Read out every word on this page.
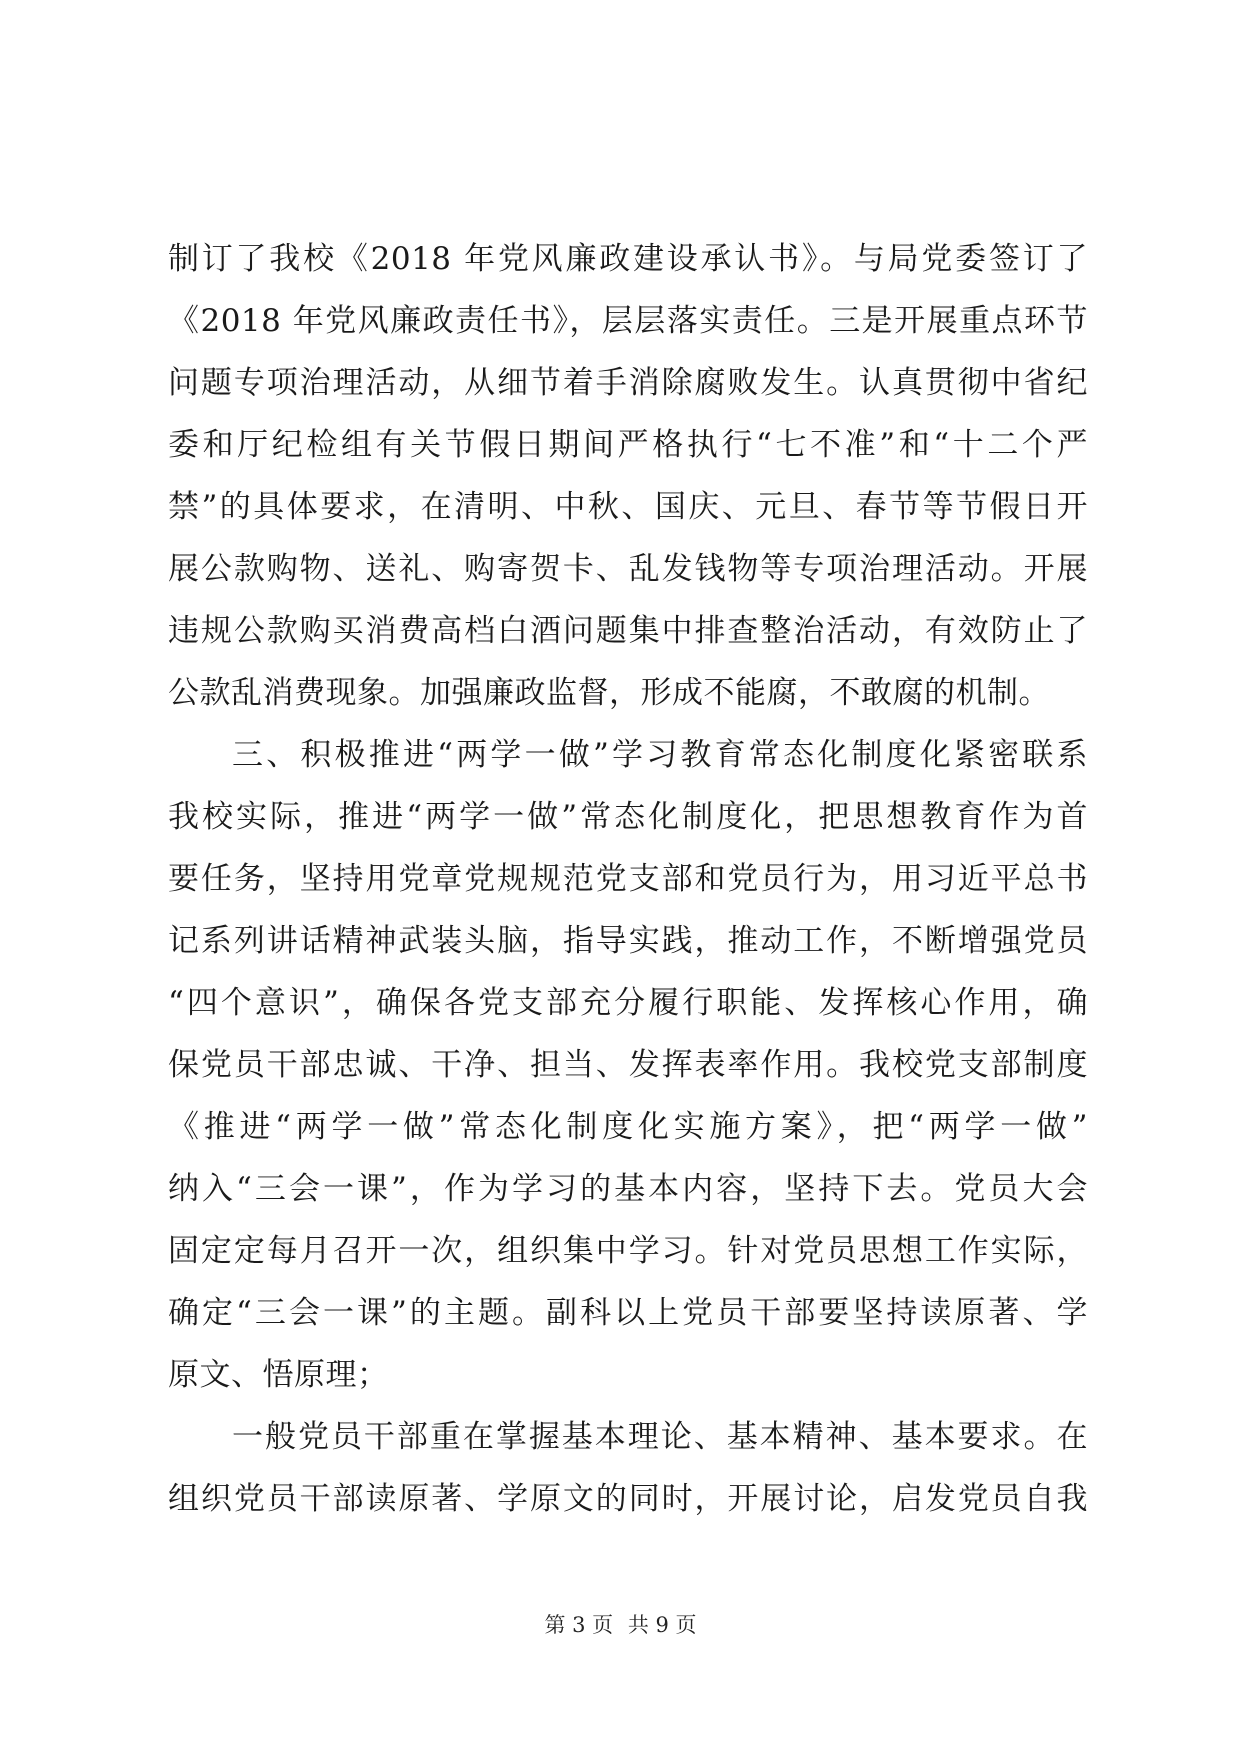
制订了我校《2018 年党风廉政建设承认书》。与局党委签订了
《2018 年党风廉政责任书》，层层落实责任。三是开展重点环节
问题专项治理活动，从细节着手消除腐败发生。认真贯彻中省纪
委和厅纪检组有关节假日期间严格执行“七不准”和“十二个严
禁”的具体要求，在清明、中秋、国庆、元旦、春节等节假日开
展公款购物、送礼、购寄贺卡、乱发钱物等专项治理活动。开展
违规公款购买消费高档白酒问题集中排查整治活动，有效防止了
公款乱消费现象。加强廉政监督，形成不能腐，不敢腐的机制。
三、积极推进“两学一做”学习教育常态化制度化紧密联系
我校实际，推进“两学一做”常态化制度化，把思想教育作为首
要任务，坚持用党章党规规范党支部和党员行为，用习近平总书
记系列讲话精神武装头脑，指导实践，推动工作，不断增强党员
“四个意识”，确保各党支部充分履行职能、发挥核心作用，确
保党员干部忠诚、干净、担当、发挥表率作用。我校党支部制度
《推进“两学一做”常态化制度化实施方案》，把“两学一做”
纳入“三会一课”，作为学习的基本内容，坚持下去。党员大会
固定定每月召开一次，组织集中学习。针对党员思想工作实际，
确定“三会一课”的主题。副科以上党员干部要坚持读原著、学
原文、悟原理；
一般党员干部重在掌握基本理论、基本精神、基本要求。在
组织党员干部读原著、学原文的同时，开展讨论，启发党员自我
第 3 页 共 9 页
